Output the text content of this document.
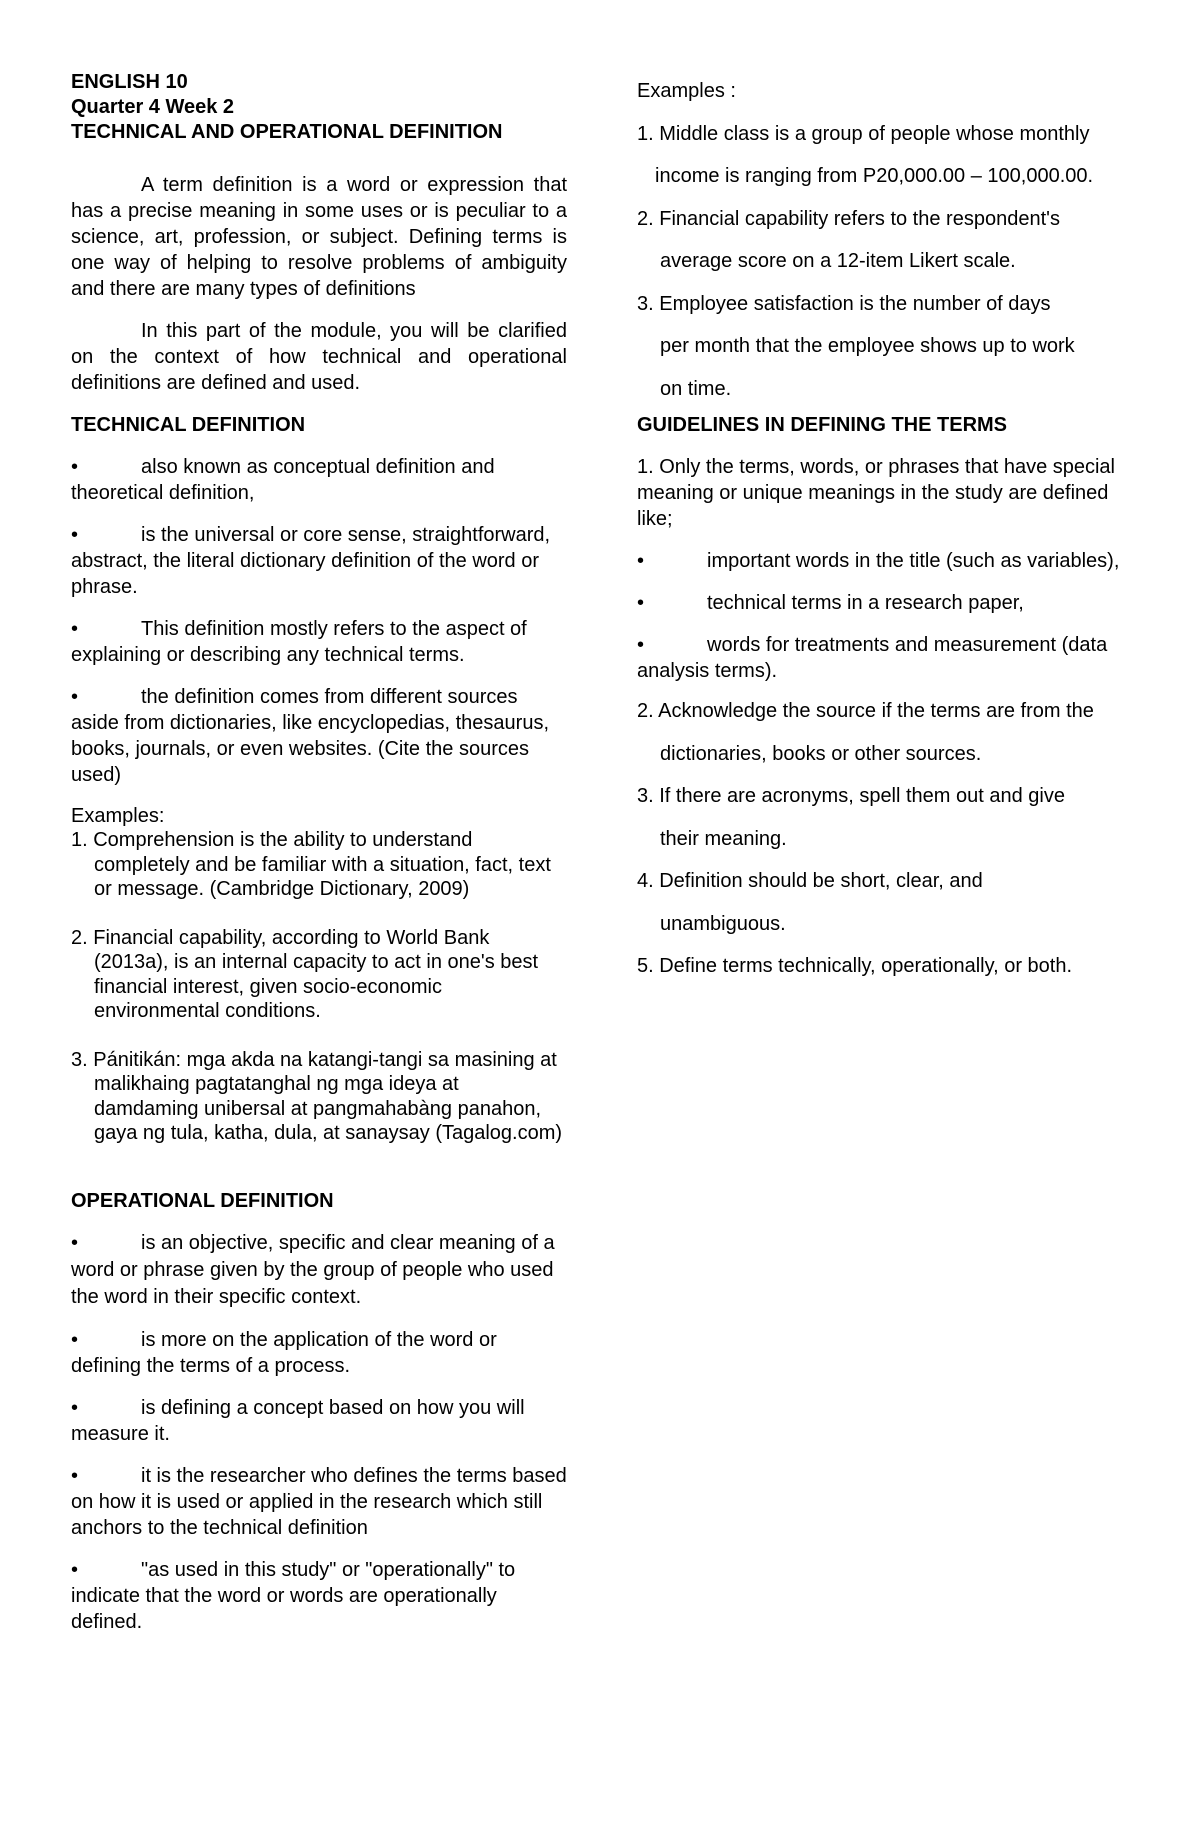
ENGLISH 10
Quarter 4 Week 2
TECHNICAL AND OPERATIONAL DEFINITION

A term definition is a word or expression that has a precise meaning in some uses or is peculiar to a science, art, profession, or subject. Defining terms is one way of helping to resolve problems of ambiguity and there are many types of definitions

In this part of the module, you will be clarified on the context of how technical and operational definitions are defined and used.

TECHNICAL DEFINITION

•	also known as conceptual definition and theoretical definition,

•	is the universal or core sense, straightforward, abstract, the literal dictionary definition of the word or phrase.

•	This definition mostly refers to the aspect of explaining or describing any technical terms.

•	the definition comes from different sources aside from dictionaries, like encyclopedias, thesaurus, books, journals, or even websites. (Cite the sources used)

Examples:

1. Comprehension is the ability to understand completely and be familiar with a situation, fact, text or message. (Cambridge Dictionary, 2009)
2. Financial capability, according to World Bank (2013a), is an internal capacity to act in one's best financial interest, given socio-economic environmental conditions.
3. Pánitikán: mga akda na katangi-tangi sa masining at malikhaing pagtatanghal ng mga ideya at damdaming unibersal at pangmahabàng panahon, gaya ng tula, katha, dula, at sanaysay (Tagalog.com)

OPERATIONAL DEFINITION

•	is an objective, specific and clear meaning of a word or phrase given by the group of people who used the word in their specific context.

•	is more on the application of the word or defining the terms of a process.

•	is defining a concept based on how you will measure it.

•	it is the researcher who defines the terms based on how it is used or applied in the research which still anchors to the technical definition

•	"as used in this study" or "operationally" to indicate that the word or words are operationally defined.

Examples :
1. Middle class is a group of people whose monthly
income is ranging from P20,000.00 – 100,000.00.
2. Financial capability refers to the respondent's
average score on a 12-item Likert scale.
3. Employee satisfaction is the number of days
per month that the employee shows up to work
on time.

GUIDELINES IN DEFINING THE TERMS

1. Only the terms, words, or phrases that have special meaning or unique meanings in the study are defined like;

•	important words in the title (such as variables),

•	technical terms in a research paper,

•	words for treatments and measurement (data analysis terms).

2. Acknowledge the source if the terms are from the
dictionaries, books or other sources.
3. If there are acronyms, spell them out and give
their meaning.
4. Definition should be short, clear, and
unambiguous.
5. Define terms technically, operationally, or both.
